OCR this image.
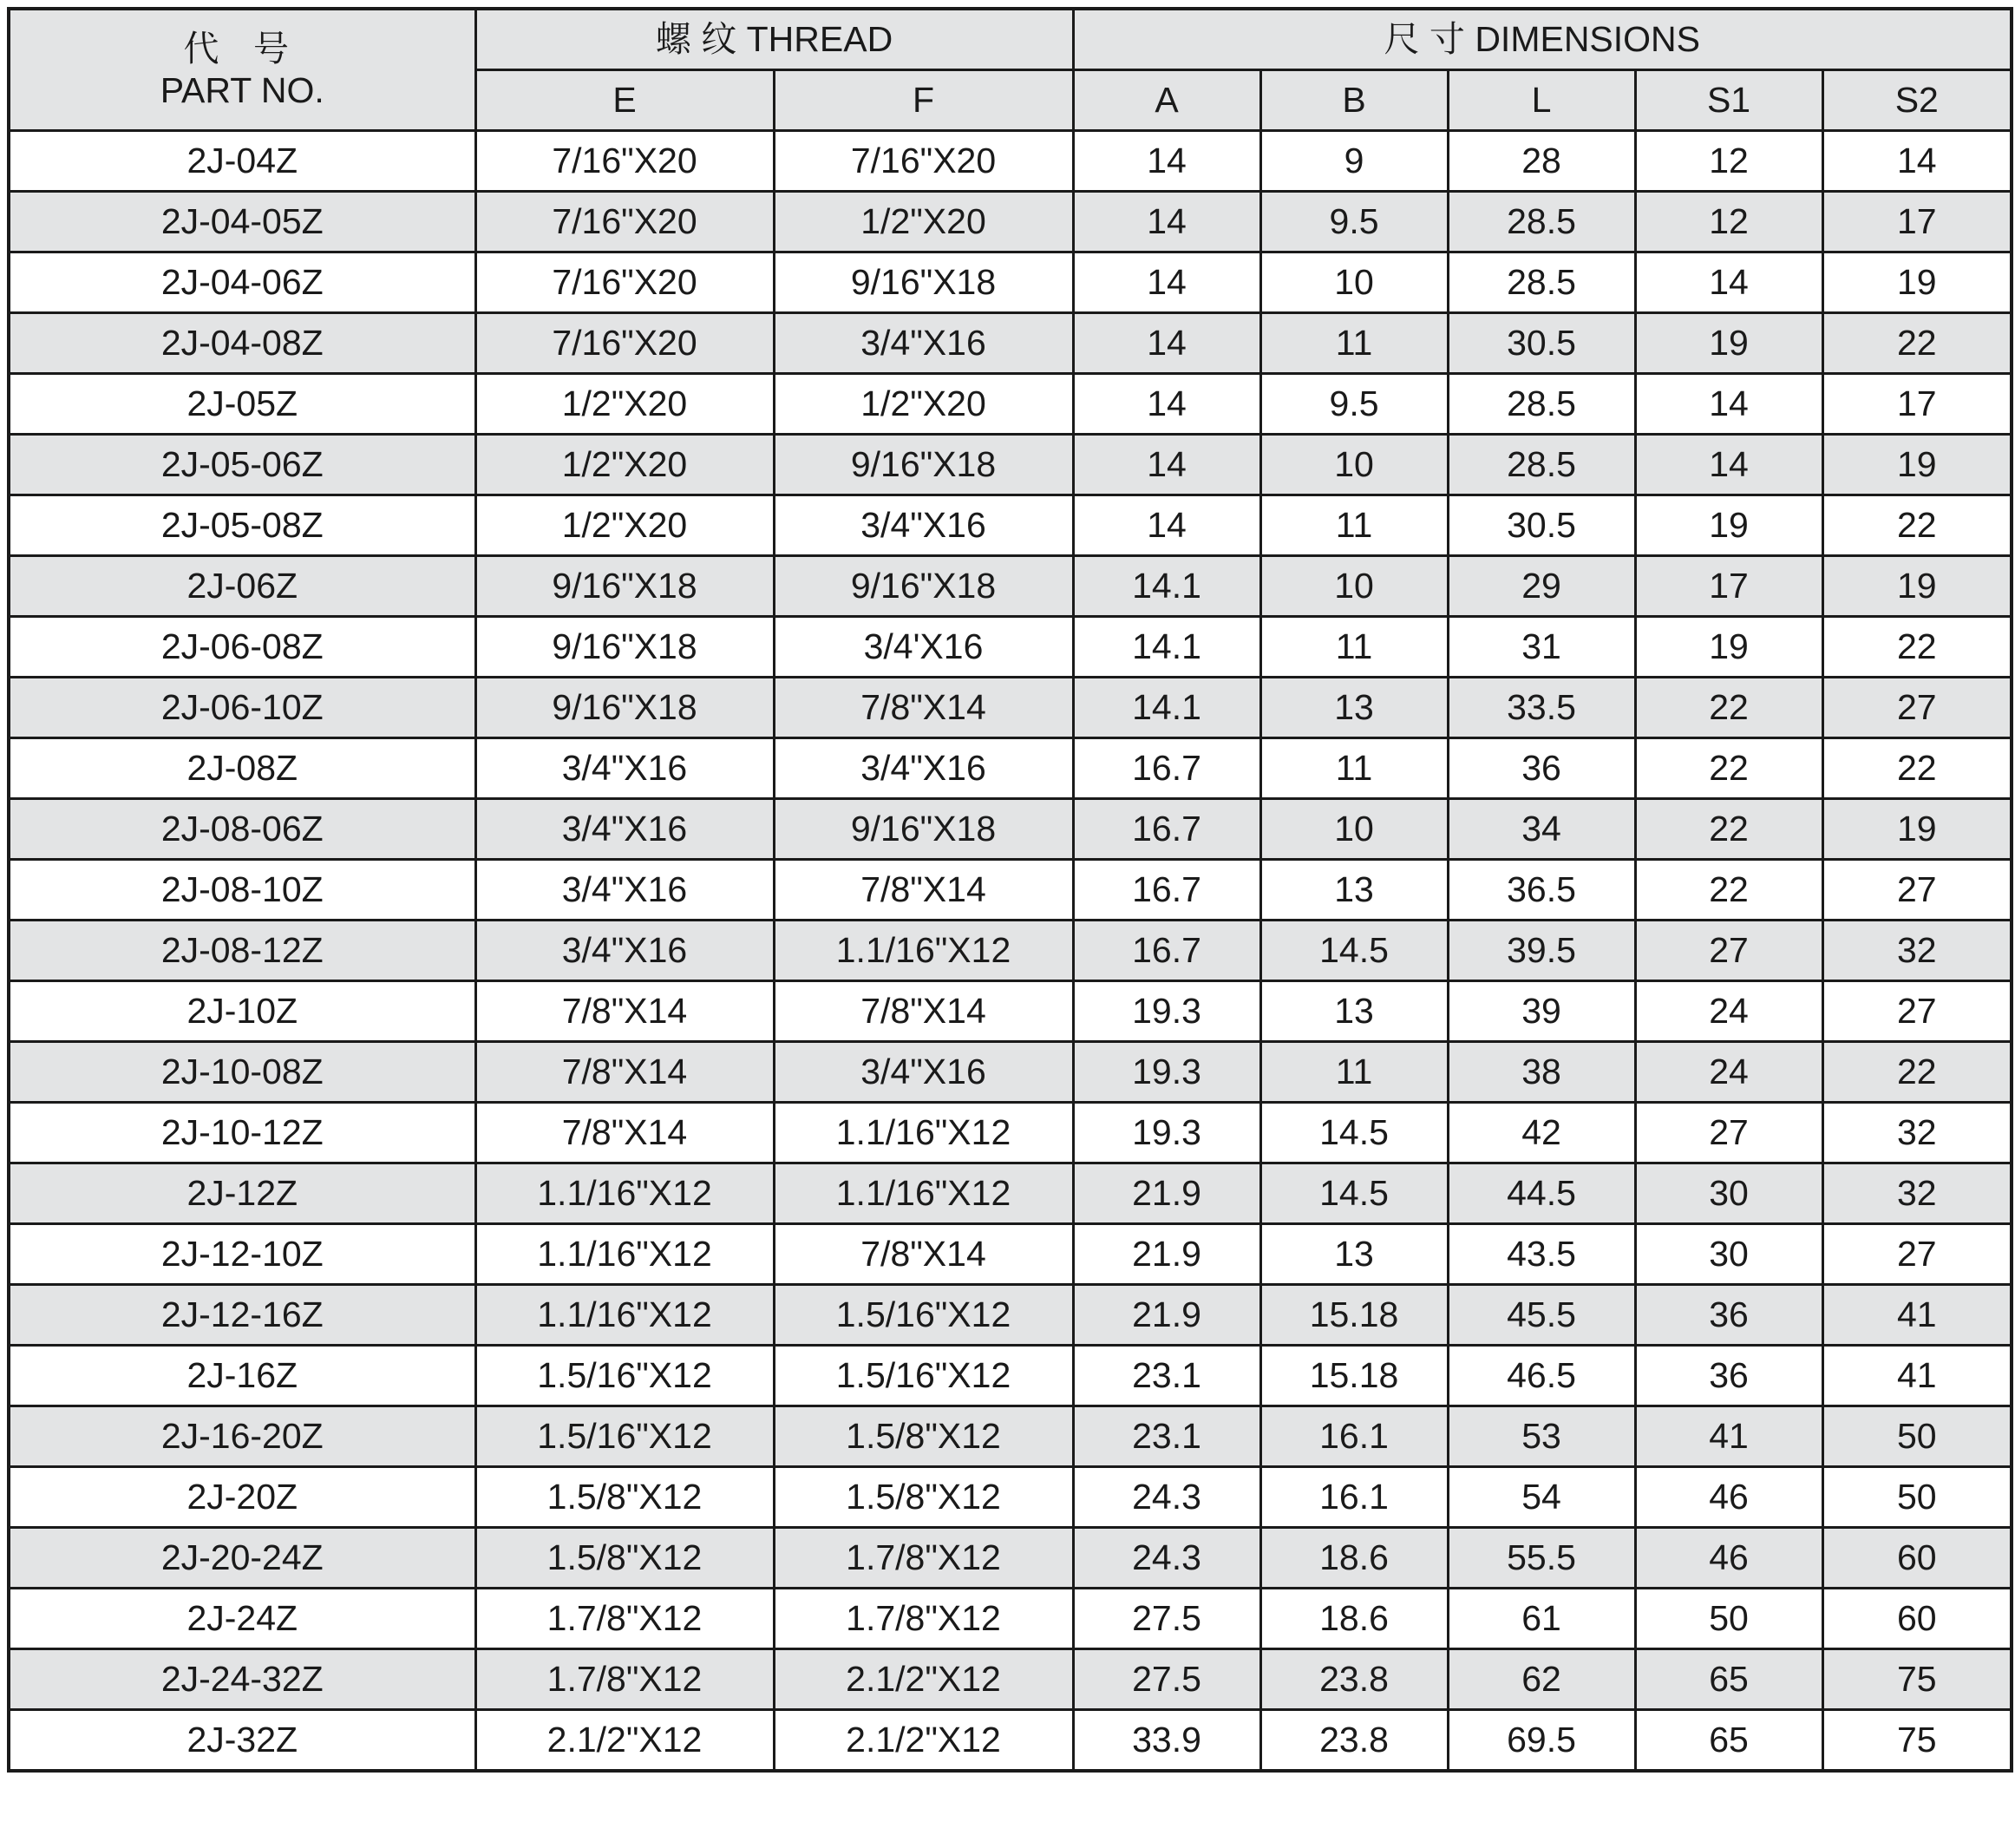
代 号
PART NO.	螺 纹 THREAD		尺 寸 DIMENSIONS				
	E	F	A	B	L	S1	S2
2J-04Z	7/16"X20	7/16"X20	14	9	28	12	14
2J-04-05Z	7/16"X20	1/2"X20	14	9.5	28.5	12	17
2J-04-06Z	7/16"X20	9/16"X18	14	10	28.5	14	19
2J-04-08Z	7/16"X20	3/4"X16	14	11	30.5	19	22
2J-05Z	1/2"X20	1/2"X20	14	9.5	28.5	14	17
2J-05-06Z	1/2"X20	9/16"X18	14	10	28.5	14	19
2J-05-08Z	1/2"X20	3/4"X16	14	11	30.5	19	22
2J-06Z	9/16"X18	9/16"X18	14.1	10	29	17	19
2J-06-08Z	9/16"X18	3/4'X16	14.1	11	31	19	22
2J-06-10Z	9/16"X18	7/8"X14	14.1	13	33.5	22	27
2J-08Z	3/4"X16	3/4"X16	16.7	11	36	22	22
2J-08-06Z	3/4"X16	9/16"X18	16.7	10	34	22	19
2J-08-10Z	3/4"X16	7/8"X14	16.7	13	36.5	22	27
2J-08-12Z	3/4"X16	1.1/16"X12	16.7	14.5	39.5	27	32
2J-10Z	7/8"X14	7/8"X14	19.3	13	39	24	27
2J-10-08Z	7/8"X14	3/4"X16	19.3	11	38	24	22
2J-10-12Z	7/8"X14	1.1/16"X12	19.3	14.5	42	27	32
2J-12Z	1.1/16"X12	1.1/16"X12	21.9	14.5	44.5	30	32
2J-12-10Z	1.1/16"X12	7/8"X14	21.9	13	43.5	30	27
2J-12-16Z	1.1/16"X12	1.5/16"X12	21.9	15.18	45.5	36	41
2J-16Z	1.5/16"X12	1.5/16"X12	23.1	15.18	46.5	36	41
2J-16-20Z	1.5/16"X12	1.5/8"X12	23.1	16.1	53	41	50
2J-20Z	1.5/8"X12	1.5/8"X12	24.3	16.1	54	46	50
2J-20-24Z	1.5/8"X12	1.7/8"X12	24.3	18.6	55.5	46	60
2J-24Z	1.7/8"X12	1.7/8"X12	27.5	18.6	61	50	60
2J-24-32Z	1.7/8"X12	2.1/2"X12	27.5	23.8	62	65	75
2J-32Z	2.1/2"X12	2.1/2"X12	33.9	23.8	69.5	65	75
